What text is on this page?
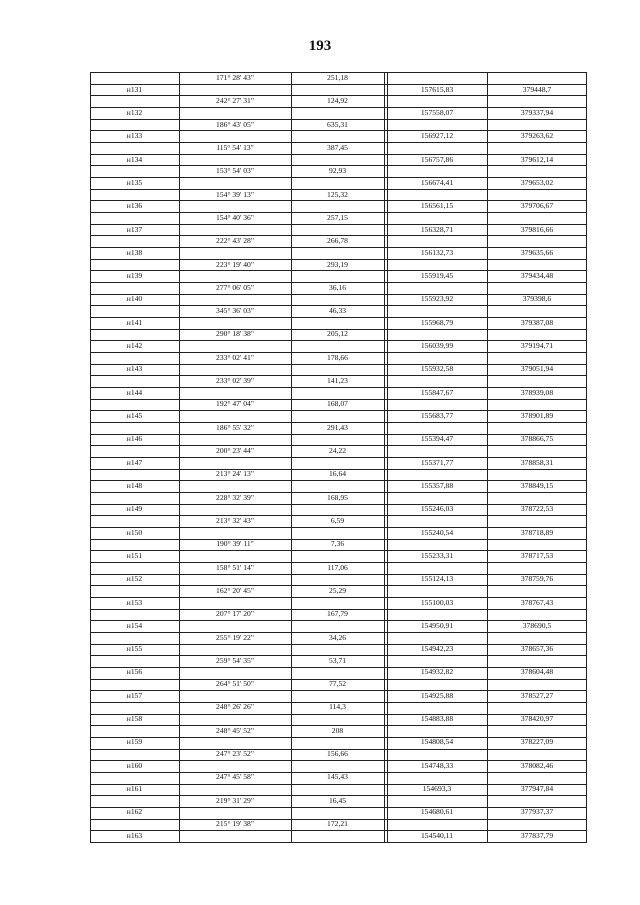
193
171° 28' 43"	251,18
н131	157615,83	379448,7
242° 27' 31"	124,92
н132	157558,07	379337,94
186° 43' 05"	635,31
н133	156927,12	379263,62
115° 54' 13"	387,45
н134	156757,86	379612,14
153° 54' 03"	92,93
н135	156674,41	379653,02
154° 39' 13"	125,32
н136	156561,15	379706,67
154° 40' 36"	257,15
н137	156328,71	379816,66
222° 43' 28"	266,78
н138	156132,73	379635,66
223° 19' 40"	293,19
н139	155919,45	379434,48
277° 06' 05"	36,16
н140	155923,92	379398,6
345° 36' 03"	46,33
н141	155968,79	379387,08
290° 18' 38"	205,12
н142	156039,99	379194,71
233° 02' 41"	178,66
н143	155932,58	379051,94
233° 02' 39"	141,23
н144	155847,67	378939,08
192° 47' 04"	168,07
н145	155683,77	378901,89
186° 55' 32"	291,43
н146	155394,47	378866,75
200° 23' 44"	24,22
н147	155371,77	378858,31
213° 24' 13"	16,64
н148	155357,88	378849,15
228° 32' 39"	168,95
н149	155246,03	378722,53
213° 32' 43"	6,59
н150	155240,54	378718,89
190° 39' 11"	7,36
н151	155233,31	378717,53
158° 51' 14"	117,06
н152	155124,13	378759,76
162° 20' 45"	25,29
н153	155100,03	378767,43
207° 17' 20"	167,79
н154	154950,91	378690,5
255° 19' 22"	34,26
н155	154942,23	378657,36
259° 54' 35"	53,71
н156	154932,82	378604,48
264° 51' 50"	77,52
н157	154925,88	378527,27
248° 26' 26"	114,3
н158	154883,88	378420,97
248° 45' 52"	208
н159	154808,54	378227,09
247° 23' 52"	156,66
н160	154748,33	378082,46
247° 45' 58"	145,43
н161	154693,3	377947,84
219° 31' 29"	16,45
н162	154680,61	377937,37
215° 19' 38"	172,21
н163	154540,11	377837,79
